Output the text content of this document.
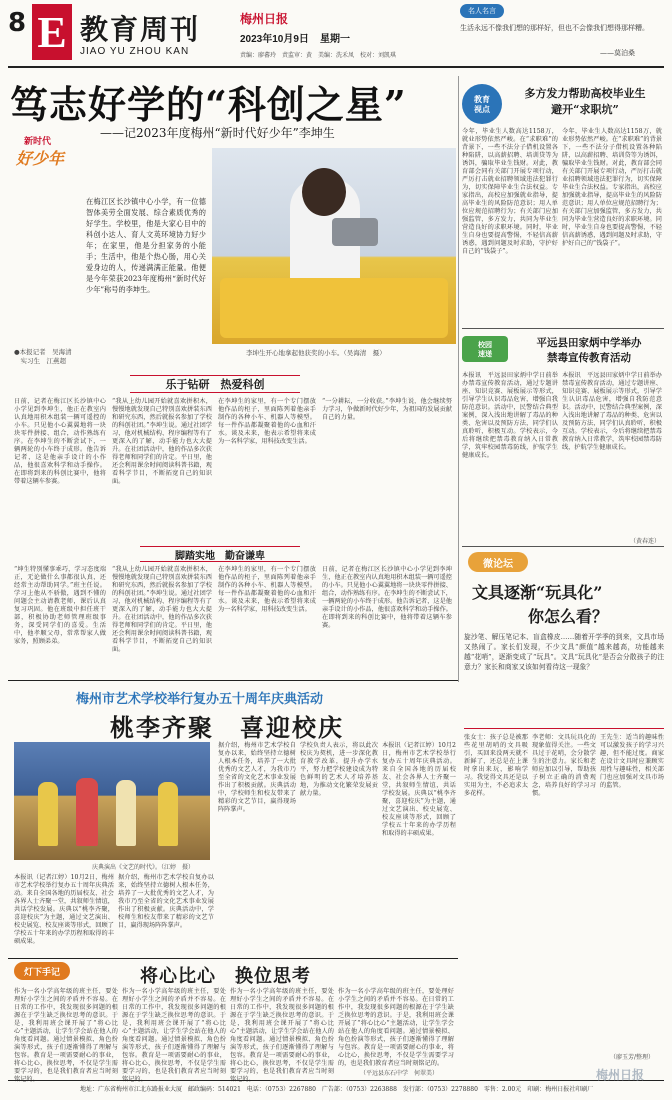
8 E 教育周刊
JIAO YU ZHOU KAN
梅州日报
2023年10月9日 星期一
责编：廖蕃玲　责监审：黄　美编：洗禾凤　校对：刘凯琪
名人名言
生活永远不像我们想的那样好，但也不会像我们想得那样糟。
——莫泊桑
笃志好学的“科创之星”
——记2023年度梅州“新时代好少年”李坤生
新时代
好少年
在梅江区长沙镇中心小学，有一位德智体美劳全面发展、综合素质优秀的好学生。学校里，他是大家心目中的科创小达人、育人文英环境协力好少年；在家里，他是分担家务的小能手；生活中，他是个热心肠，用心关爱身边的人，传递满满正能量。他便是今年荣获2023年度梅州“新时代好少年”称号的李坤生。
李坤生开心地拿起他获奖的小车。（吴海清　摄）
●本报记者　吴海清
　实习生　江燕超
乐于钻研　热爱科创
日前，记者在梅江区长沙镇中心小学见到李坤生，他正在教室内认真地用积木组装一辆可遥控的小车。只见他小心翼翼地将一块块零件拼接、组合，动作熟练有序。在李坤生的不断尝试下，一辆两轮的小车终于成形。他告诉记者，这是他亲手设计的小作品，他很喜欢科学和动手操作。在即将到来的科创比赛中，他将带着这辆车参赛。
“我从上幼儿园开始就喜欢拼积木，慢慢地就发现自己特别喜欢拼装东西和研究东西，然后就报名参加了学校的科创社团。”李坤生说。通过社团学习，他对机械结构、程序编程等有了更深入的了解，动手能力也大大提升。在社团活动中，他的作品多次获得老师和同学们的肯定。平日里，他还会利用课余时间阅读科普书籍，观看科学节目，不断拓宽自己的知识面。
在李坤生的家里，有一个专门摆放他作品的柜子，里面陈列着他亲手制作的各种小车、机器人等模型。每一件作品都凝聚着他的心血和汗水。谈及未来，他表示希望将来成为一名科学家，用科技改变生活。
“一分耕耘，一分收获。”李坤生说，他会继续努力学习，争做新时代好少年，为祖国的发展贡献自己的力量。
脚踏实地　勤奋谦卑
“坤生特别懂事乖巧，学习态度端正，无论做什么事都很认真，还经常主动帮助同学。”班主任说。学习上他从不骄傲，遇到不懂的问题会主动请教老师，课后认真复习巩固。他在班级中担任班干部，积极协助老师管理班级事务，深受同学们的喜爱。生活中，他孝顺父母，常常帮家人做家务，照顾弟弟。
“我从上幼儿园开始就喜欢拼积木，慢慢地就发现自己特别喜欢拼装东西和研究东西，然后就报名参加了学校的科创社团。”李坤生说。通过社团学习，他对机械结构、程序编程等有了更深入的了解，动手能力也大大提升。在社团活动中，他的作品多次获得老师和同学们的肯定。平日里，他还会利用课余时间阅读科普书籍，观看科学节目，不断拓宽自己的知识面。
在李坤生的家里，有一个专门摆放他作品的柜子，里面陈列着他亲手制作的各种小车、机器人等模型。每一件作品都凝聚着他的心血和汗水。谈及未来，他表示希望将来成为一名科学家，用科技改变生活。
日前，记者在梅江区长沙镇中心小学见到李坤生，他正在教室内认真地用积木组装一辆可遥控的小车。只见他小心翼翼地将一块块零件拼接、组合，动作熟练有序。在李坤生的不断尝试下，一辆两轮的小车终于成形。他告诉记者，这是他亲手设计的小作品，他很喜欢科学和动手操作。在即将到来的科创比赛中，他将带着这辆车参赛。
教育
视点
多方发力帮助高校毕业生
避开“求职坑”
今年，毕业生人数高达1158万，就业形势依然严峻。在“求职难”的背景下，一些不法分子借机设置各种陷阱，以高薪招聘、培训贷等为诱饵，骗取毕业生钱财。对此，教育部会同有关部门开展专项行动，严厉打击就业招聘领域违法犯罪行为，切实保障毕业生合法权益。专家指出，高校应加强就业指导，提高毕业生的风险防范意识；用人单位应规范招聘行为；有关部门应加强监管，多方发力，共同为毕业生营造良好的求职环境。同时，毕业生自身也要提高警惕，不轻信高薪诱惑，遇到问题及时求助，守护好自己的“钱袋子”。
今年，毕业生人数高达1158万，就业形势依然严峻。在“求职难”的背景下，一些不法分子借机设置各种陷阱，以高薪招聘、培训贷等为诱饵，骗取毕业生钱财。对此，教育部会同有关部门开展专项行动，严厉打击就业招聘领域违法犯罪行为，切实保障毕业生合法权益。专家指出，高校应加强就业指导，提高毕业生的风险防范意识；用人单位应规范招聘行为；有关部门应加强监管，多方发力，共同为毕业生营造良好的求职环境。同时，毕业生自身也要提高警惕，不轻信高薪诱惑，遇到问题及时求助，守护好自己的“钱袋子”。
校园
速递
平远县田家炳中学举办
禁毒宣传教育活动
本报讯　平远县田家炳中学日前举办禁毒宣传教育活动，通过专题讲座、知识竞赛、展板展示等形式，引导学生认识毒品危害，增强自我防范意识。活动中，民警结合典型案例，深入浅出地讲解了毒品的种类、危害以及预防方法，同学们认真聆听，积极互动。学校表示，今后将继续把禁毒教育纳入日常教学，筑牢校园禁毒防线，护航学生健康成长。
本报讯　平远县田家炳中学日前举办禁毒宣传教育活动，通过专题讲座、知识竞赛、展板展示等形式，引导学生认识毒品危害，增强自我防范意识。活动中，民警结合典型案例，深入浅出地讲解了毒品的种类、危害以及预防方法，同学们认真聆听，积极互动。学校表示，今后将继续把禁毒教育纳入日常教学，筑牢校园禁毒防线，护航学生健康成长。
（黄春连）
微论坛
文具逐渐“玩具化”
你怎么看？
旋沙笔、解压笔记本、盲盒橡皮……随着开学季的到来，文具市场又热闹了。家长们发现，不少文具“颜值”越来越高，功能越来越“花哨”，逐渐变成了“玩具”。文具“玩具化”是否会分散孩子的注意力？家长和商家又该如何看待这一现象？
张女士：孩子总是被那些花里胡哨的文具吸引，买回来没两天就不新鲜了，还总是在上课时拿出来玩，影响学习。我觉得文具还是以实用为主，不必追求太多花样。
李老师：文具玩具化的现象值得关注。一些文具过于花哨，会分散学生的注意力。家长和老师应加以引导，帮助孩子树立正确的消费观念，培养良好的学习习惯。
王先生：适当的趣味性可以激发孩子的学习兴趣，但不能过度。商家在设计文具时应兼顾实用性与趣味性，相关部门也应加强对文具市场的监管。
（廖玉芳/整理）
梅州市艺术学校举行复办五十周年庆典活动
桃李齐聚　喜迎校庆
庆典演出《文艺的时代》。（江婷　摄）
本报讯（记者江婷）10月2日，梅州市艺术学校举行复办五十周年庆典活动。来自全国各地的历届校友、社会各界人士齐聚一堂，共叙师生情谊，共话学校发展。庆典以“桃李齐聚，喜迎校庆”为主题，通过文艺演出、校史展览、校友座谈等形式，回顾了学校五十年来的办学历程和取得的丰硕成果。
据介绍，梅州市艺术学校自复办以来，始终坚持立德树人根本任务，培养了一大批优秀的文艺人才，为我市乃至全省的文化艺术事业发展作出了积极贡献。庆典活动中，学校师生和校友带来了精彩的文艺节目，赢得现场阵阵掌声。
据介绍，梅州市艺术学校自复办以来，始终坚持立德树人根本任务，培养了一大批优秀的文艺人才，为我市乃至全省的文化艺术事业发展作出了积极贡献。庆典活动中，学校师生和校友带来了精彩的文艺节目，赢得现场阵阵掌声。
学校负责人表示，将以此次校庆为契机，进一步深化教育教学改革，提升办学水平，努力把学校建设成为特色鲜明的艺术人才培养基地，为推动文化繁荣发展贡献力量。
本报讯（记者江婷）10月2日，梅州市艺术学校举行复办五十周年庆典活动。来自全国各地的历届校友、社会各界人士齐聚一堂，共叙师生情谊，共话学校发展。庆典以“桃李齐聚，喜迎校庆”为主题，通过文艺演出、校史展览、校友座谈等形式，回顾了学校五十年来的办学历程和取得的丰硕成果。
灯下手记	将心比心　换位思考
作为一名小学高年级的班主任，要处理好小学生之间的矛盾并不容易。在日常的工作中，我发现很多问题的根源在于学生缺乏换位思考的意识。于是，我利用班会课开展了“将心比心”主题活动，让学生学会站在他人的角度看问题。通过情景模拟、角色扮演等形式，孩子们逐渐懂得了理解与包容。教育是一项需要耐心的事业，将心比心，换位思考，不仅是学生需要学习的，也是我们教育者应当时刻
作为一名小学高年级的班主任，要处理好小学生之间的矛盾并不容易。在日常的工作中，我发现很多问题的根源在于学生缺乏换位思考的意识。于是，我利用班会课开展了“将心比心”主题活动，让学生学会站在他人的角度看问题。通过情景模拟、角色扮演等形式，孩子们逐渐懂得了理解与包容。教育是一项需要耐心的事业，将心比心，换位思考，不仅是学生需要学习的，也是我们教育者应当时刻
作为一名小学高年级的班主任，要处理好小学生之间的矛盾并不容易。在日常的工作中，我发现很多问题的根源在于学生缺乏换位思考的意识。于是，我利用班会课开展了“将心比心”主题活动，让学生学会站在他人的角度看问题。通过情景模拟、角色扮演等形式，孩子们逐渐懂得了理解与包容。教育是一项需要耐心的事业，将心比心，换位思考，不仅是学生需要学习的，也是我们教育者应当时刻
作为一名小学高年级的班主任，要处理好小学生之间的矛盾并不容易。在日常的工作中，我发现很多问题的根源在于学生缺乏换位思考的意识。于是，我利用班会课开展了“将心比心”主题活动，让学生学会站在他人的角度看问题。通过情景模拟、角色扮演等形式，孩子们逐渐懂得了理解与包容。教育是一项需要耐心的事业，将心比心，换位思考，不仅是学生需要学习的，也是我们教育者应当时刻铭记的。
（平远县东石中学　何翠美）
地址：广东省梅州市江北东路报业大厦　邮政编码：514021　电话：（0753）2267880　广告部：（0753）2263888　发行部：（0753）2278880　零售：2.00元　印刷：梅州日报社印刷厂
梅州日报
